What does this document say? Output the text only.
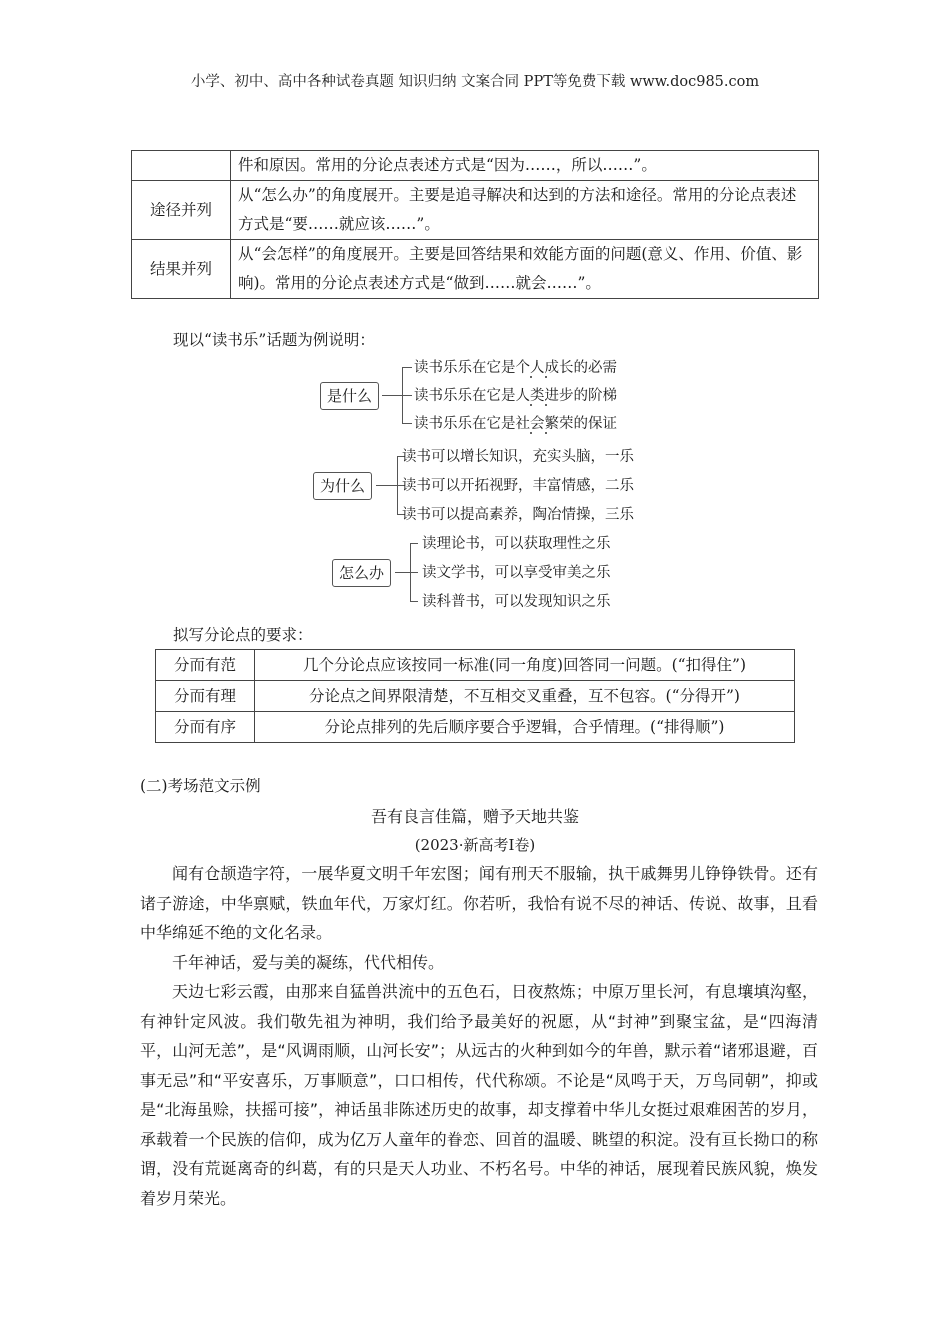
小学、初中、高中各种试卷真题 知识归纳 文案合同 PPT等免费下载 www.doc985.com
	件和原因。常用的分论点表述方式是“因为……，所以……”。
途径并列	从“怎么办”的角度展开。主要是追寻解决和达到的方法和途径。常用的分论点表述方式是“要……就应该……”。
结果并列	从“会怎样”的角度展开。主要是回答结果和效能方面的问题(意义、作用、价值、影响)。常用的分论点表述方式是“做到……就会……”。
现以“读书乐”话题为例说明：
是什么
读书乐乐在它是个人成长的必需
读书乐乐在它是人类进步的阶梯
读书乐乐在它是社会繁荣的保证
为什么
读书可以增长知识，充实头脑，一乐
读书可以开拓视野，丰富情感，二乐
读书可以提高素养，陶冶情操，三乐
怎么办
读理论书，可以获取理性之乐
读文学书，可以享受审美之乐
读科普书，可以发现知识之乐
拟写分论点的要求：
分而有范	几个分论点应该按同一标准(同一角度)回答同一问题。(“扣得住”)
分而有理	分论点之间界限清楚，不互相交叉重叠，互不包容。(“分得开”)
分而有序	分论点排列的先后顺序要合乎逻辑，合乎情理。(“排得顺”)
(二)考场范文示例
吾有良言佳篇，赠予天地共鉴
(2023·新高考Ⅰ卷)

闻有仓颉造字符，一展华夏文明千年宏图；闻有刑天不服输，执干戚舞男儿铮铮铁骨。还有诸子游途，中华禀赋，铁血年代，万家灯红。你若听，我恰有说不尽的神话、传说、故事，且看中华绵延不绝的文化名录。

千年神话，爱与美的凝练，代代相传。

天边七彩云霞，由那来自猛兽洪流中的五色石，日夜熬炼；中原万里长河，有息壤填沟壑，有神针定风波。我们敬先祖为神明，我们给予最美好的祝愿，从“封神”到聚宝盆，是“四海清平，山河无恙”，是“风调雨顺，山河长安”；从远古的火种到如今的年兽，默示着“诸邪退避，百事无忌”和“平安喜乐，万事顺意”，口口相传，代代称颂。不论是“凤鸣于天，万鸟同朝”，抑或是“北海虽赊，扶摇可接”，神话虽非陈述历史的故事，却支撑着中华儿女挺过艰难困苦的岁月，承载着一个民族的信仰，成为亿万人童年的眷恋、回首的温暖、眺望的积淀。没有亘长拗口的称谓，没有荒诞离奇的纠葛，有的只是天人功业、不朽名号。中华的神话，展现着民族风貌，焕发着岁月荣光。
